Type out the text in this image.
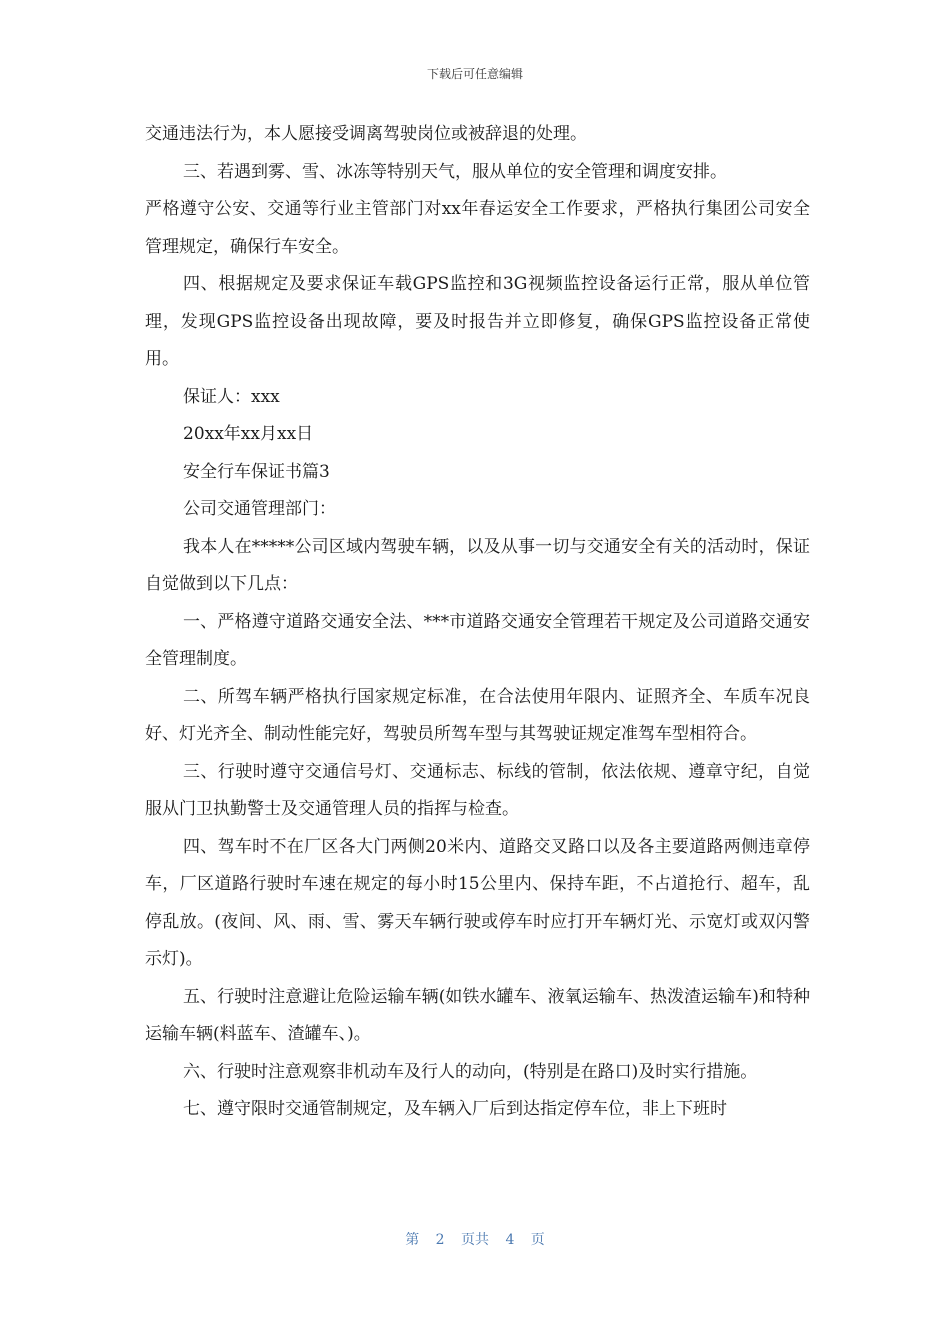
下载后可任意编辑

交通违法行为，本人愿接受调离驾驶岗位或被辞退的处理。

三、若遇到雾、雪、冰冻等特别天气，服从单位的安全管理和调度安排。

严格遵守公安、交通等行业主管部门对xx年春运安全工作要求，严格执行集团公司安全管理规定，确保行车安全。

四、根据规定及要求保证车载GPS监控和3G视频监控设备运行正常，服从单位管理，发现GPS监控设备出现故障，要及时报告并立即修复，确保GPS监控设备正常使用。

保证人：xxx

20xx年xx月xx日

安全行车保证书篇3

公司交通管理部门：

我本人在*****公司区域内驾驶车辆，以及从事一切与交通安全有关的活动时，保证自觉做到以下几点：

一、严格遵守道路交通安全法、***市道路交通安全管理若干规定及公司道路交通安全管理制度。

二、所驾车辆严格执行国家规定标准，在合法使用年限内、证照齐全、车质车况良好、灯光齐全、制动性能完好，驾驶员所驾车型与其驾驶证规定准驾车型相符合。

三、行驶时遵守交通信号灯、交通标志、标线的管制，依法依规、遵章守纪，自觉服从门卫执勤警士及交通管理人员的指挥与检查。

四、驾车时不在厂区各大门两侧20米内、道路交叉路口以及各主要道路两侧违章停车，厂区道路行驶时车速在规定的每小时15公里内、保持车距，不占道抢行、超车，乱停乱放。(夜间、风、雨、雪、雾天车辆行驶或停车时应打开车辆灯光、示宽灯或双闪警示灯)。

五、行驶时注意避让危险运输车辆(如铁水罐车、液氧运输车、热泼渣运输车)和特种运输车辆(料蓝车、渣罐车、)。

六、行驶时注意观察非机动车及行人的动向，(特别是在路口)及时实行措施。

七、遵守限时交通管制规定，及车辆入厂后到达指定停车位，非上下班时

第 2 页共 4 页
